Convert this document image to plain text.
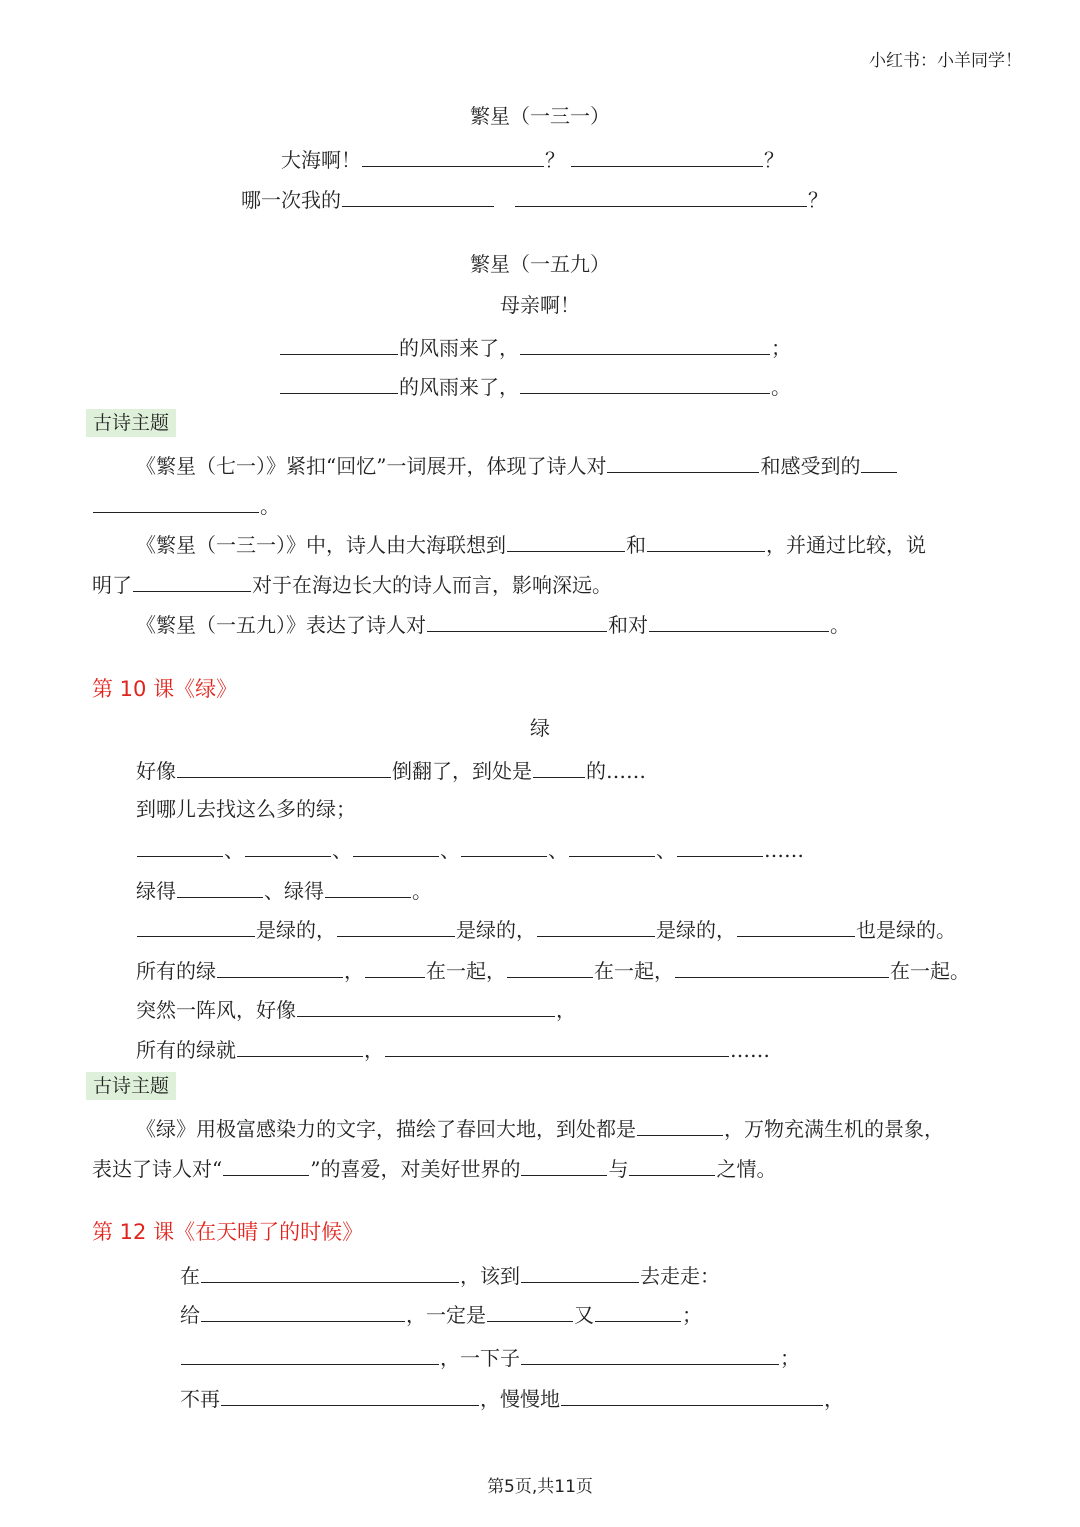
小红书：小羊同学！
第5页,共11页
繁星（一三一）
大海啊！	？	？
哪一次我的	？
繁星（一五九）
母亲啊！
的风雨来了，	；
的风雨来了，	。
古诗主题
《繁星（七一）》紧扣“回忆”一词展开，体现了诗人对	和感受到的
。
《繁星（一三一）》中，诗人由大海联想到	和	，并通过比较，说
明了	对于在海边长大的诗人而言，影响深远。
《繁星（一五九）》表达了诗人对	和对	。
第 10 课《绿》
绿
好像	倒翻了，到处是	的……
到哪儿去找这么多的绿；
、	、	、	、	、	……
绿得	、绿得	。
是绿的，	是绿的，	是绿的，	也是绿的。
所有的绿	，	在一起，	在一起，	在一起。
突然一阵风，好像	，
所有的绿就	，	……
古诗主题
《绿》用极富感染力的文字，描绘了春回大地，到处都是	，万物充满生机的景象，
表达了诗人对“	”的喜爱，对美好世界的	与	之情。
第 12 课《在天晴了的时候》
在	，该到	去走走：
给	，一定是	又	；
，一下子	；
不再	，慢慢地	，
